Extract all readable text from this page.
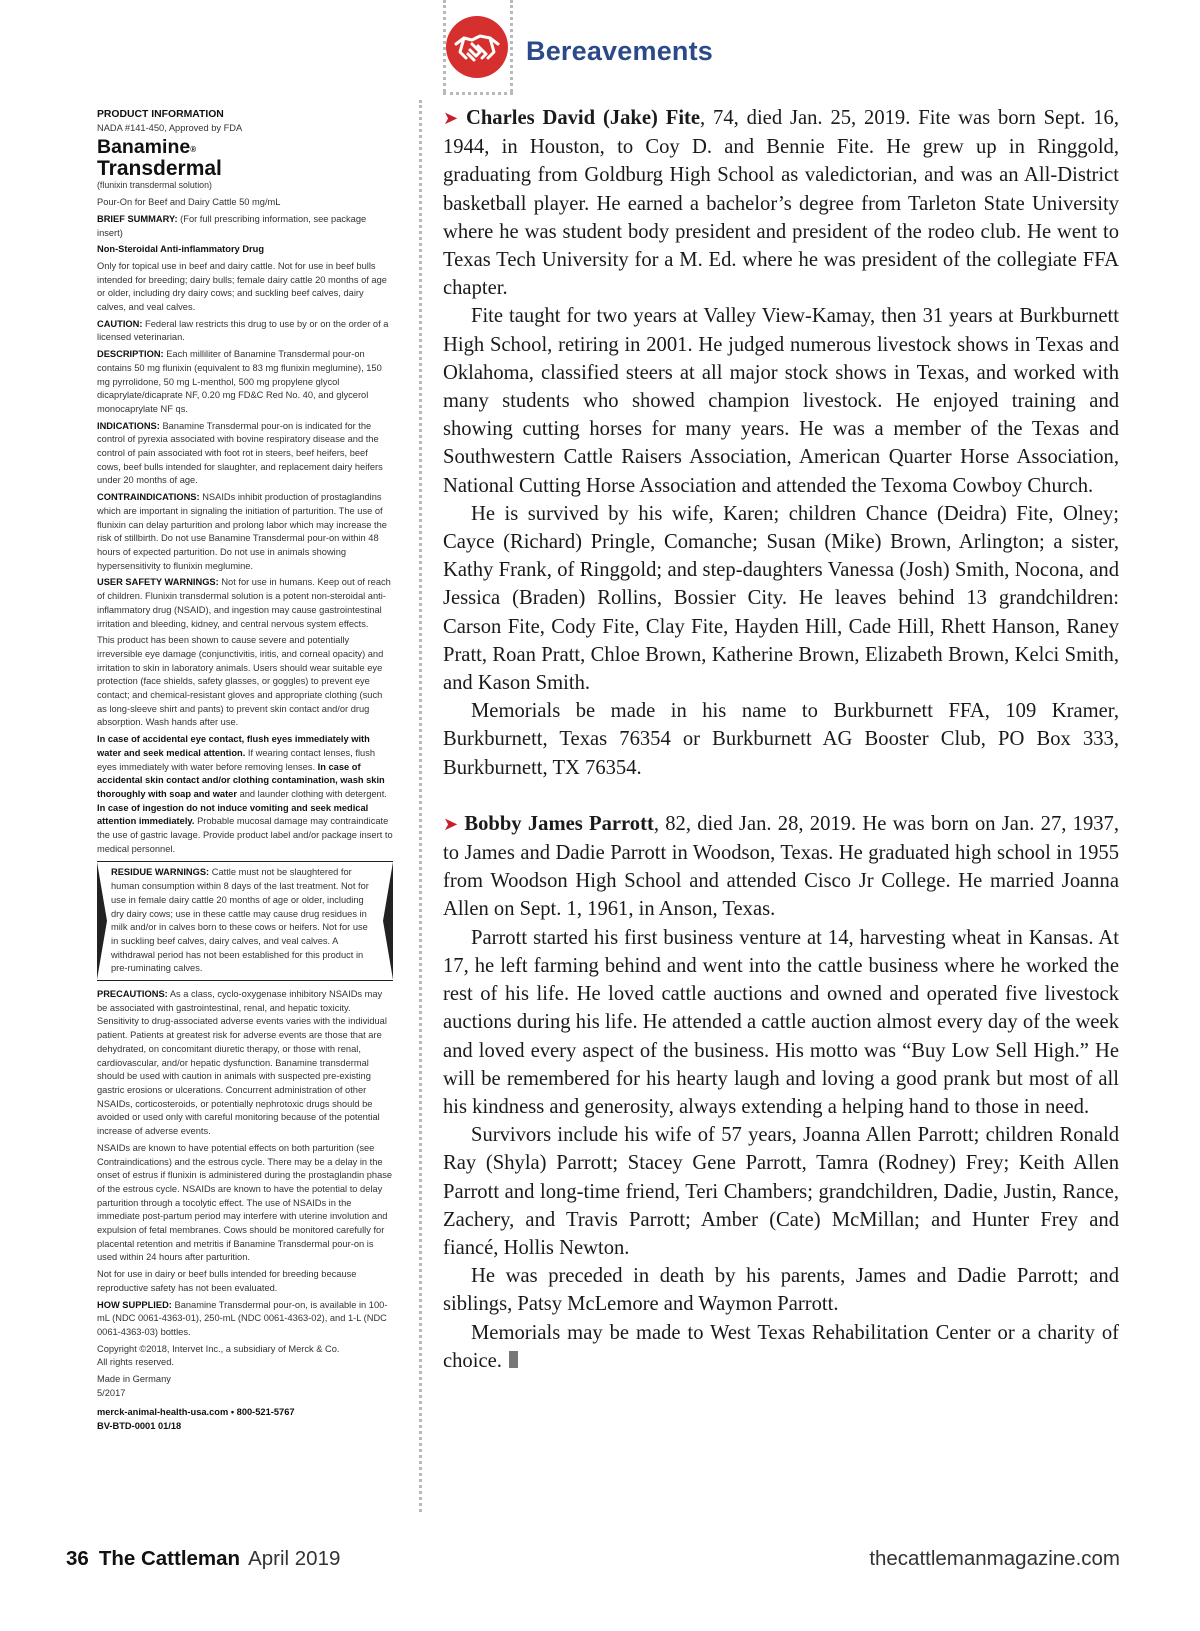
Bereavements
PRODUCT INFORMATION
NADA #141-450, Approved by FDA
Banamine®
Transdermal
(flunixin transdermal solution)

Pour-On for Beef and Dairy Cattle 50 mg/mL

BRIEF SUMMARY: (For full prescribing information, see package insert)

Non-Steroidal Anti-inflammatory Drug

Only for topical use in beef and dairy cattle. Not for use in beef bulls intended for breeding; dairy bulls; female dairy cattle 20 months of age or older, including dry dairy cows; and suckling beef calves, dairy calves, and veal calves.

CAUTION: Federal law restricts this drug to use by or on the order of a licensed veterinarian.

DESCRIPTION: Each milliliter of Banamine Transdermal pour-on contains 50 mg flunixin (equivalent to 83 mg flunixin meglumine), 150 mg pyrrolidone, 50 mg L-menthol, 500 mg propylene glycol dicaprylate/dicaprate NF, 0.20 mg FD&C Red No. 40, and glycerol monocaprylate NF qs.

INDICATIONS: Banamine Transdermal pour-on is indicated for the control of pyrexia associated with bovine respiratory disease and the control of pain associated with foot rot in steers, beef heifers, beef cows, beef bulls intended for slaughter, and replacement dairy heifers under 20 months of age.

CONTRAINDICATIONS: NSAIDs inhibit production of prostaglandins which are important in signaling the initiation of parturition. The use of flunixin can delay parturition and prolong labor which may increase the risk of stillbirth. Do not use Banamine Transdermal pour-on within 48 hours of expected parturition. Do not use in animals showing hypersensitivity to flunixin meglumine.

USER SAFETY WARNINGS: Not for use in humans. Keep out of reach of children. Flunixin transdermal solution is a potent non-steroidal anti-inflammatory drug (NSAID), and ingestion may cause gastrointestinal irritation and bleeding, kidney, and central nervous system effects.

This product has been shown to cause severe and potentially irreversible eye damage (conjunctivitis, iritis, and corneal opacity) and irritation to skin in laboratory animals. Users should wear suitable eye protection (face shields, safety glasses, or goggles) to prevent eye contact; and chemical-resistant gloves and appropriate clothing (such as long-sleeve shirt and pants) to prevent skin contact and/or drug absorption. Wash hands after use.

In case of accidental eye contact, flush eyes immediately with water and seek medical attention. If wearing contact lenses, flush eyes immediately with water before removing lenses. In case of accidental skin contact and/or clothing contamination, wash skin thoroughly with soap and water and launder clothing with detergent. In case of ingestion do not induce vomiting and seek medical attention immediately. Probable mucosal damage may contraindicate the use of gastric lavage. Provide product label and/or package insert to medical personnel.

RESIDUE WARNINGS: Cattle must not be slaughtered for human consumption within 8 days of the last treatment. Not for use in female dairy cattle 20 months of age or older, including dry dairy cows; use in these cattle may cause drug residues in milk and/or in calves born to these cows or heifers. Not for use in suckling beef calves, dairy calves, and veal calves. A withdrawal period has not been established for this product in pre-ruminating calves.

PRECAUTIONS: As a class, cyclo-oxygenase inhibitory NSAIDs may be associated with gastrointestinal, renal, and hepatic toxicity. Sensitivity to drug-associated adverse events varies with the individual patient. Patients at greatest risk for adverse events are those that are dehydrated, on concomitant diuretic therapy, or those with renal, cardiovascular, and/or hepatic dysfunction. Banamine transdermal should be used with caution in animals with suspected pre-existing gastric erosions or ulcerations. Concurrent administration of other NSAIDs, corticosteroids, or potentially nephrotoxic drugs should be avoided or used only with careful monitoring because of the potential increase of adverse events.

NSAIDs are known to have potential effects on both parturition (see Contraindications) and the estrous cycle. There may be a delay in the onset of estrus if flunixin is administered during the prostaglandin phase of the estrous cycle. NSAIDs are known to have the potential to delay parturition through a tocolytic effect. The use of NSAIDs in the immediate post-partum period may interfere with uterine involution and expulsion of fetal membranes. Cows should be monitored carefully for placental retention and metritis if Banamine Transdermal pour-on is used within 24 hours after parturition.

Not for use in dairy or beef bulls intended for breeding because reproductive safety has not been evaluated.

HOW SUPPLIED: Banamine Transdermal pour-on, is available in 100-mL (NDC 0061-4363-01), 250-mL (NDC 0061-4363-02), and 1-L (NDC 0061-4363-03) bottles.

Copyright ©2018, Intervet Inc., a subsidiary of Merck & Co.
All rights reserved.

Made in Germany
5/2017

merck-animal-health-usa.com • 800-521-5767

BV-BTD-0001 01/18

➤ Charles David (Jake) Fite, 74, died Jan. 25, 2019. Fite was born Sept. 16, 1944, in Houston, to Coy D. and Bennie Fite. He grew up in Ringgold, graduating from Goldburg High School as valedictorian, and was an All-District basketball player. He earned a bachelor’s degree from Tarleton State University where he was student body president and president of the rodeo club. He went to Texas Tech University for a M. Ed. where he was president of the collegiate FFA chapter.

Fite taught for two years at Valley View-Kamay, then 31 years at Burkburnett High School, retiring in 2001. He judged numerous livestock shows in Texas and Oklahoma, classified steers at all major stock shows in Texas, and worked with many students who showed champion livestock. He enjoyed training and showing cutting horses for many years. He was a member of the Texas and Southwestern Cattle Raisers Association, American Quarter Horse Association, National Cutting Horse Association and attended the Texoma Cowboy Church.

He is survived by his wife, Karen; children Chance (Deidra) Fite, Olney; Cayce (Richard) Pringle, Comanche; Susan (Mike) Brown, Arlington; a sister, Kathy Frank, of Ringgold; and step-daughters Vanessa (Josh) Smith, Nocona, and Jessica (Braden) Rollins, Bossier City. He leaves behind 13 grandchildren: Carson Fite, Cody Fite, Clay Fite, Hayden Hill, Cade Hill, Rhett Hanson, Raney Pratt, Roan Pratt, Chloe Brown, Katherine Brown, Elizabeth Brown, Kelci Smith, and Kason Smith.

Memorials be made in his name to Burkburnett FFA, 109 Kramer, Burkburnett, Texas 76354 or Burkburnett AG Booster Club, PO Box 333, Burkburnett, TX 76354.

➤ Bobby James Parrott, 82, died Jan. 28, 2019. He was born on Jan. 27, 1937, to James and Dadie Parrott in Woodson, Texas. He graduated high school in 1955 from Woodson High School and attended Cisco Jr College. He married Joanna Allen on Sept. 1, 1961, in Anson, Texas.

Parrott started his first business venture at 14, harvesting wheat in Kansas. At 17, he left farming behind and went into the cattle business where he worked the rest of his life. He loved cattle auctions and owned and operated five livestock auctions during his life. He attended a cattle auction almost every day of the week and loved every aspect of the business. His motto was “Buy Low Sell High.” He will be remembered for his hearty laugh and loving a good prank but most of all his kindness and generosity, always extending a helping hand to those in need.

Survivors include his wife of 57 years, Joanna Allen Parrott; children Ronald Ray (Shyla) Parrott; Stacey Gene Parrott, Tamra (Rodney) Frey; Keith Allen Parrott and long-time friend, Teri Chambers; grandchildren, Dadie, Justin, Rance, Zachery, and Travis Parrott; Amber (Cate) McMillan; and Hunter Frey and fiancé, Hollis Newton.

He was preceded in death by his parents, James and Dadie Parrott; and siblings, Patsy McLemore and Waymon Parrott.

Memorials may be made to West Texas Rehabilitation Center or a charity of choice.

36 The Cattleman April 2019	thecattlemanmagazine.com
